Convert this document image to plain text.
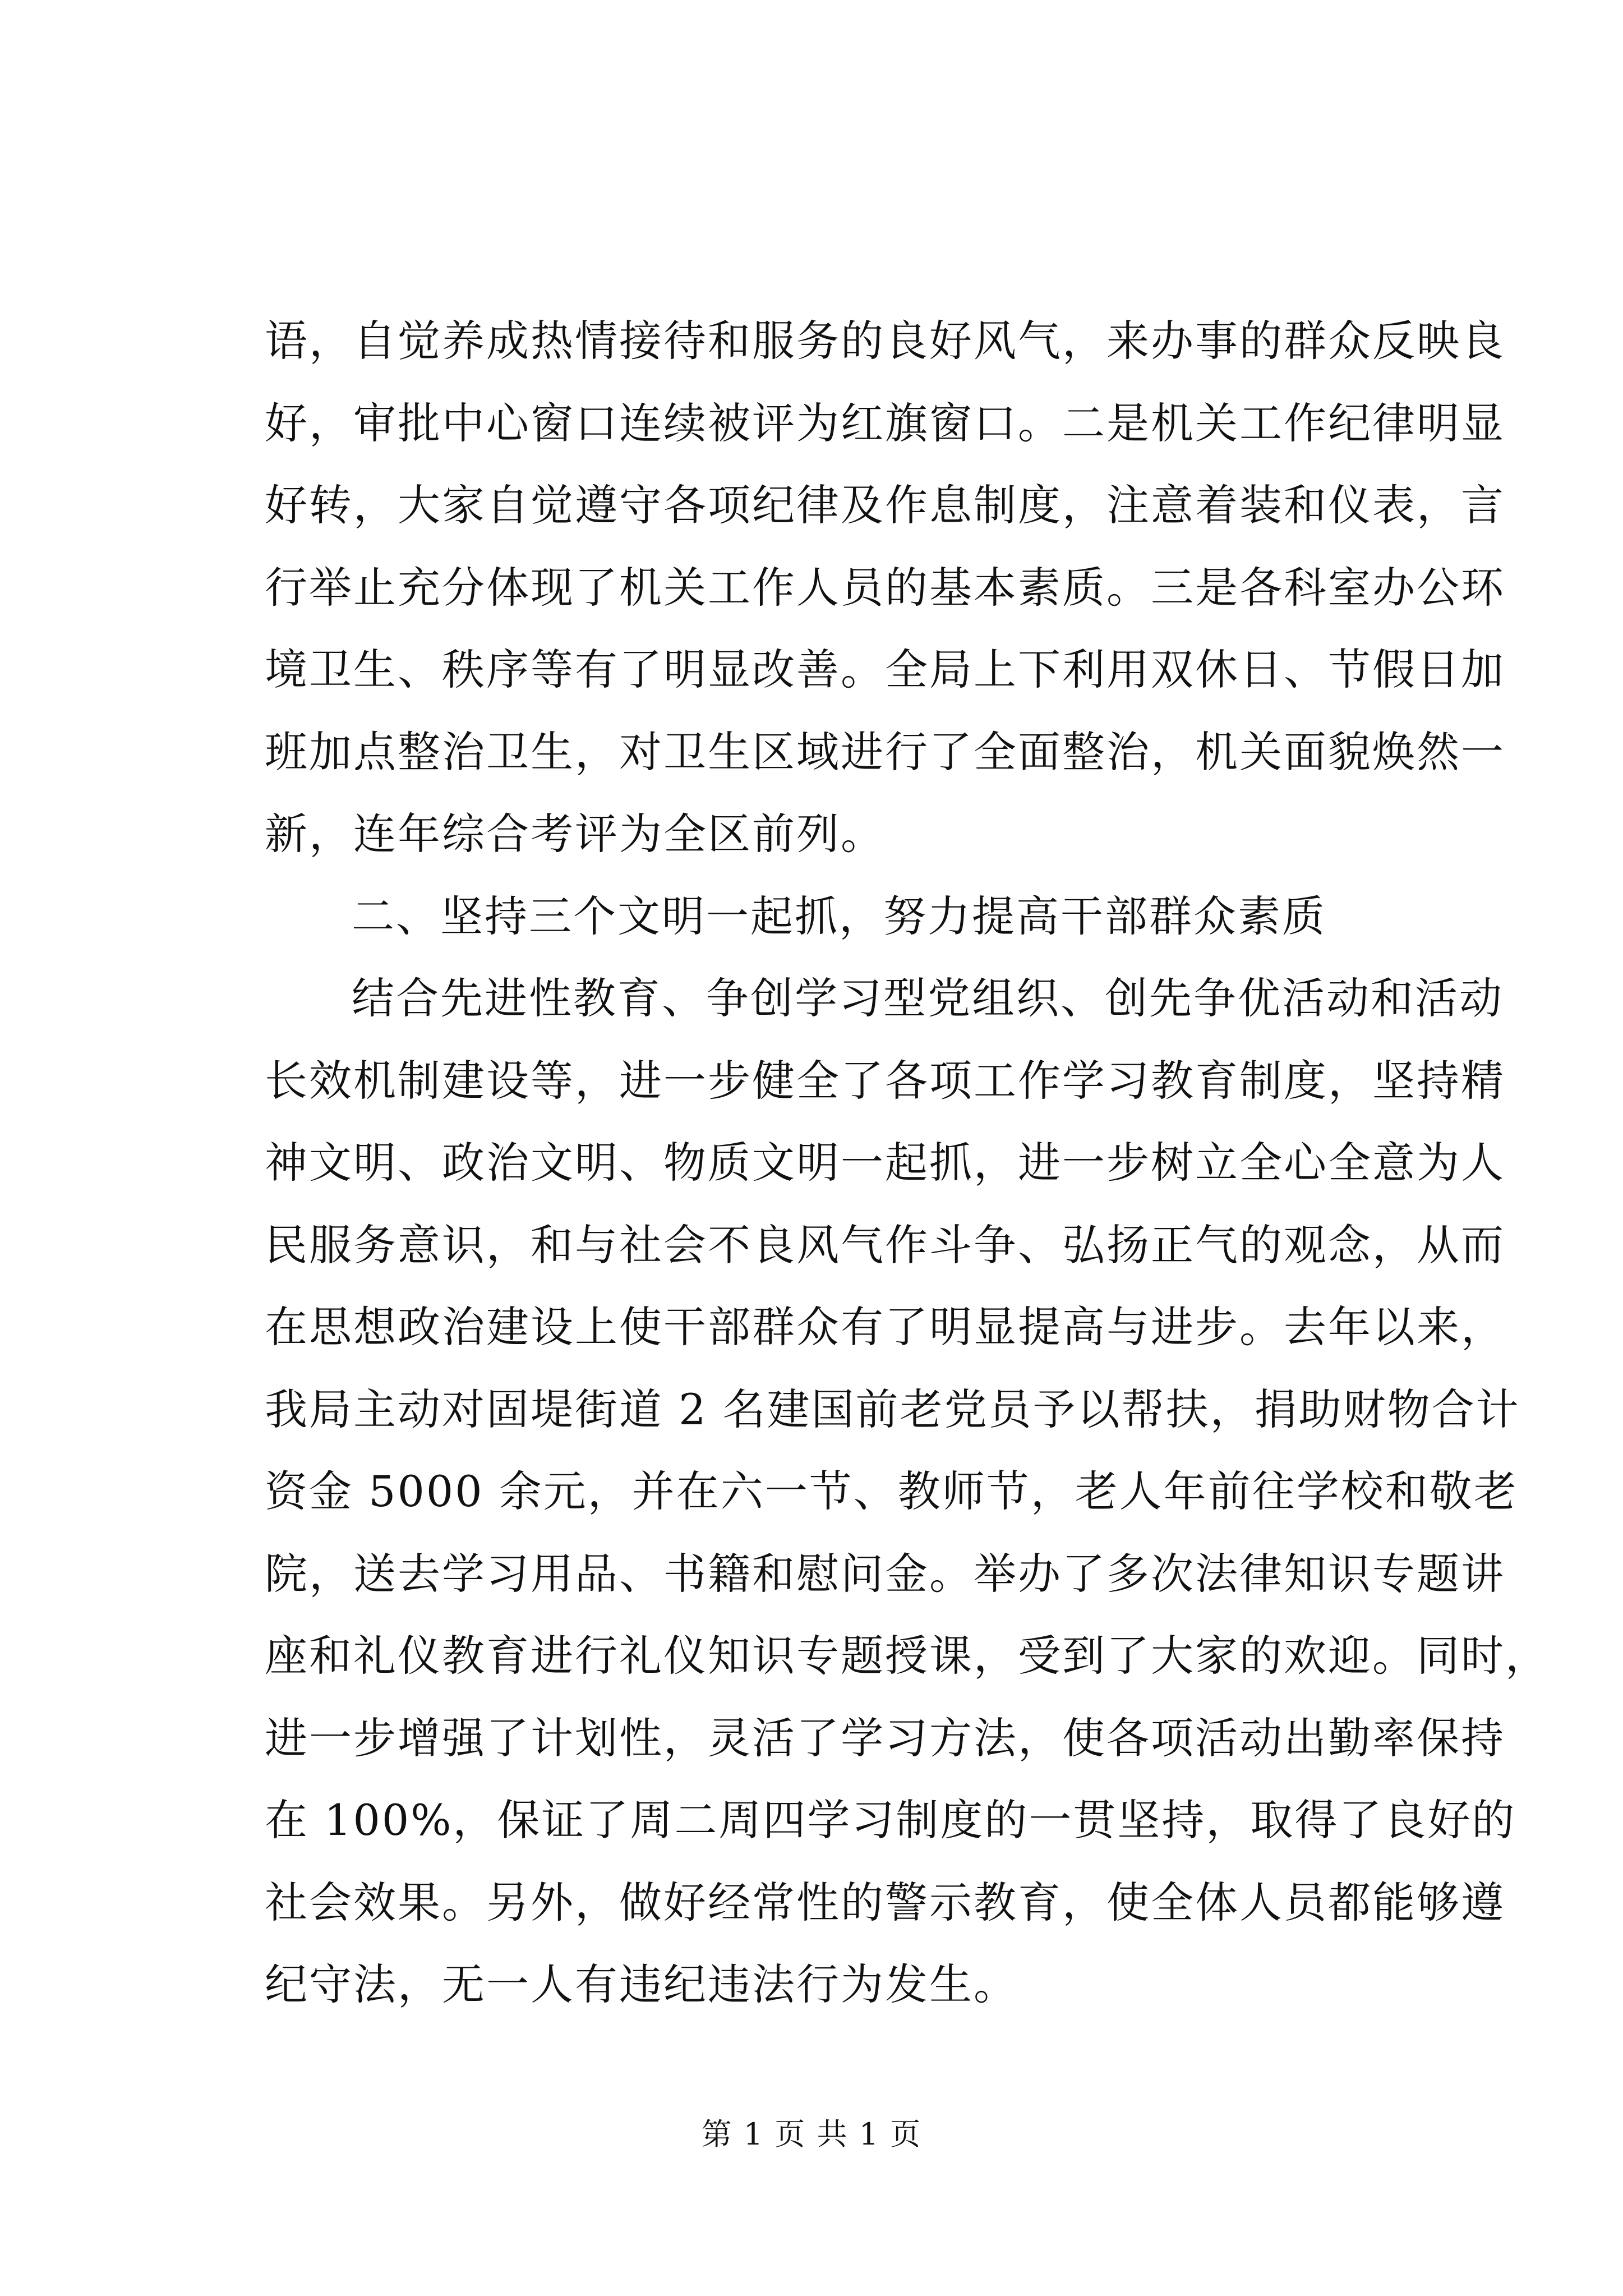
语，自觉养成热情接待和服务的良好风气，来办事的群众反映良
好，审批中心窗口连续被评为红旗窗口。二是机关工作纪律明显
好转，大家自觉遵守各项纪律及作息制度，注意着装和仪表，言
行举止充分体现了机关工作人员的基本素质。三是各科室办公环
境卫生、秩序等有了明显改善。全局上下利用双休日、节假日加
班加点整治卫生，对卫生区域进行了全面整治，机关面貌焕然一
新，连年综合考评为全区前列。
二、坚持三个文明一起抓，努力提高干部群众素质
结合先进性教育、争创学习型党组织、创先争优活动和活动
长效机制建设等，进一步健全了各项工作学习教育制度，坚持精
神文明、政治文明、物质文明一起抓，进一步树立全心全意为人
民服务意识，和与社会不良风气作斗争、弘扬正气的观念，从而
在思想政治建设上使干部群众有了明显提高与进步。去年以来，
我局主动对固堤街道 2 名建国前老党员予以帮扶，捐助财物合计
资金 5000 余元，并在六一节、教师节，老人年前往学校和敬老
院，送去学习用品、书籍和慰问金。举办了多次法律知识专题讲
座和礼仪教育进行礼仪知识专题授课，受到了大家的欢迎。同时，
进一步增强了计划性，灵活了学习方法，使各项活动出勤率保持
在 100%，保证了周二周四学习制度的一贯坚持，取得了良好的
社会效果。另外，做好经常性的警示教育，使全体人员都能够遵
纪守法，无一人有违纪违法行为发生。
第 1 页 共 1 页
